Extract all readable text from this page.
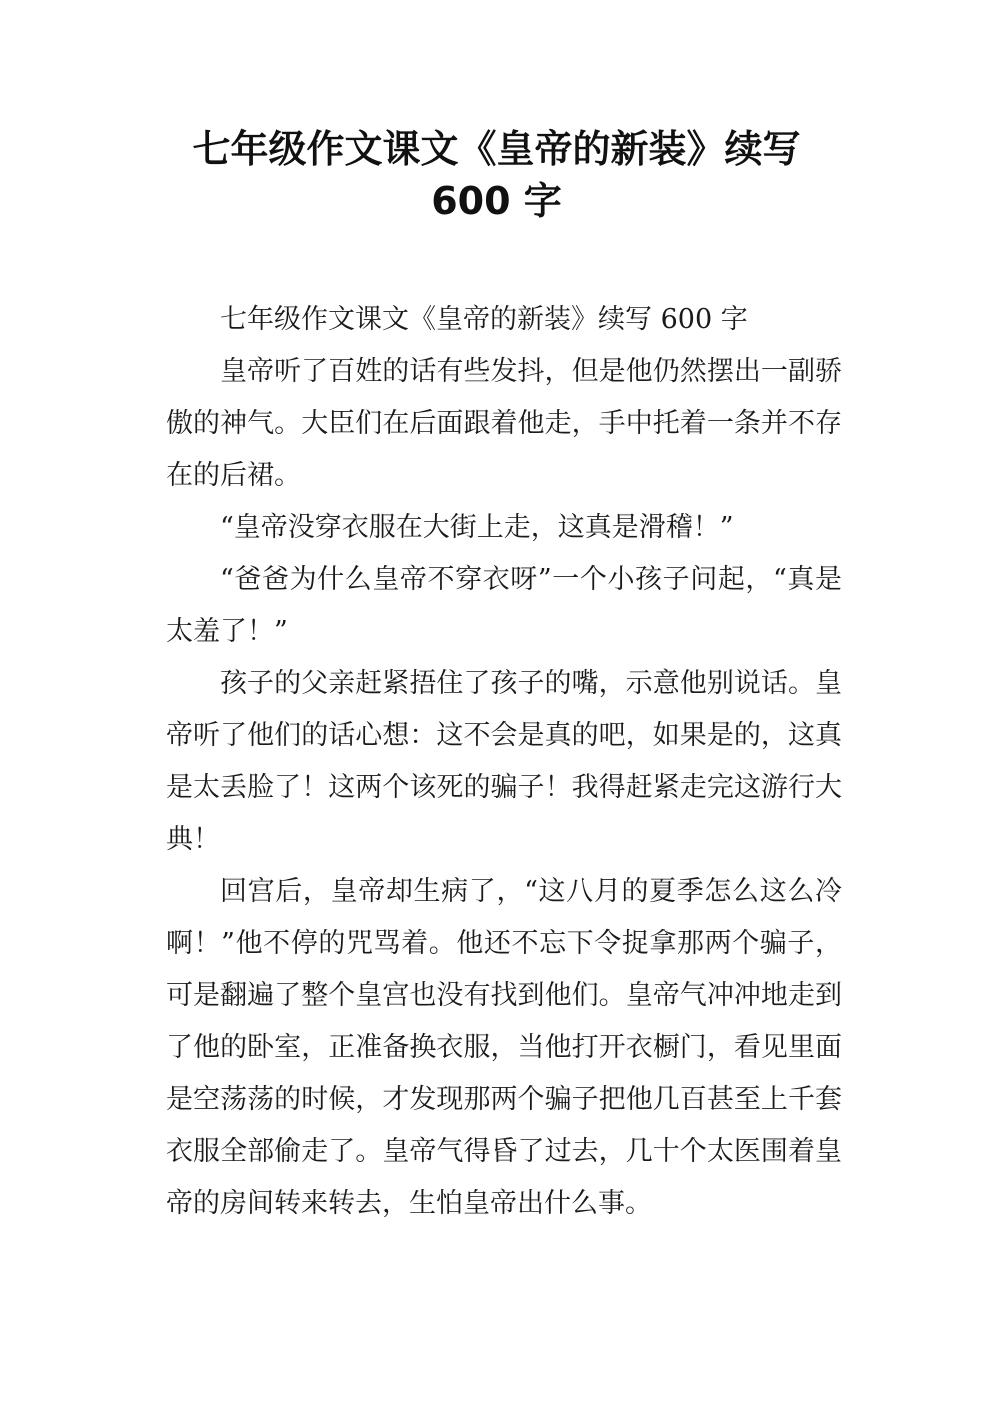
七年级作文课文《皇帝的新装》续写
600 字

七年级作文课文《皇帝的新装》续写 600 字

皇帝听了百姓的话有些发抖，但是他仍然摆出一副骄傲的神气。大臣们在后面跟着他走，手中托着一条并不存在的后裙。

“皇帝没穿衣服在大街上走，这真是滑稽！”

“爸爸为什么皇帝不穿衣呀”一个小孩子问起，“真是太羞了！”

孩子的父亲赶紧捂住了孩子的嘴，示意他别说话。皇帝听了他们的话心想：这不会是真的吧，如果是的，这真是太丢脸了！这两个该死的骗子！我得赶紧走完这游行大典！

回宫后，皇帝却生病了，“这八月的夏季怎么这么冷啊！”他不停的咒骂着。他还不忘下令捉拿那两个骗子，可是翻遍了整个皇宫也没有找到他们。皇帝气冲冲地走到了他的卧室，正准备换衣服，当他打开衣橱门，看见里面是空荡荡的时候，才发现那两个骗子把他几百甚至上千套衣服全部偷走了。皇帝气得昏了过去，几十个太医围着皇帝的房间转来转去，生怕皇帝出什么事。
